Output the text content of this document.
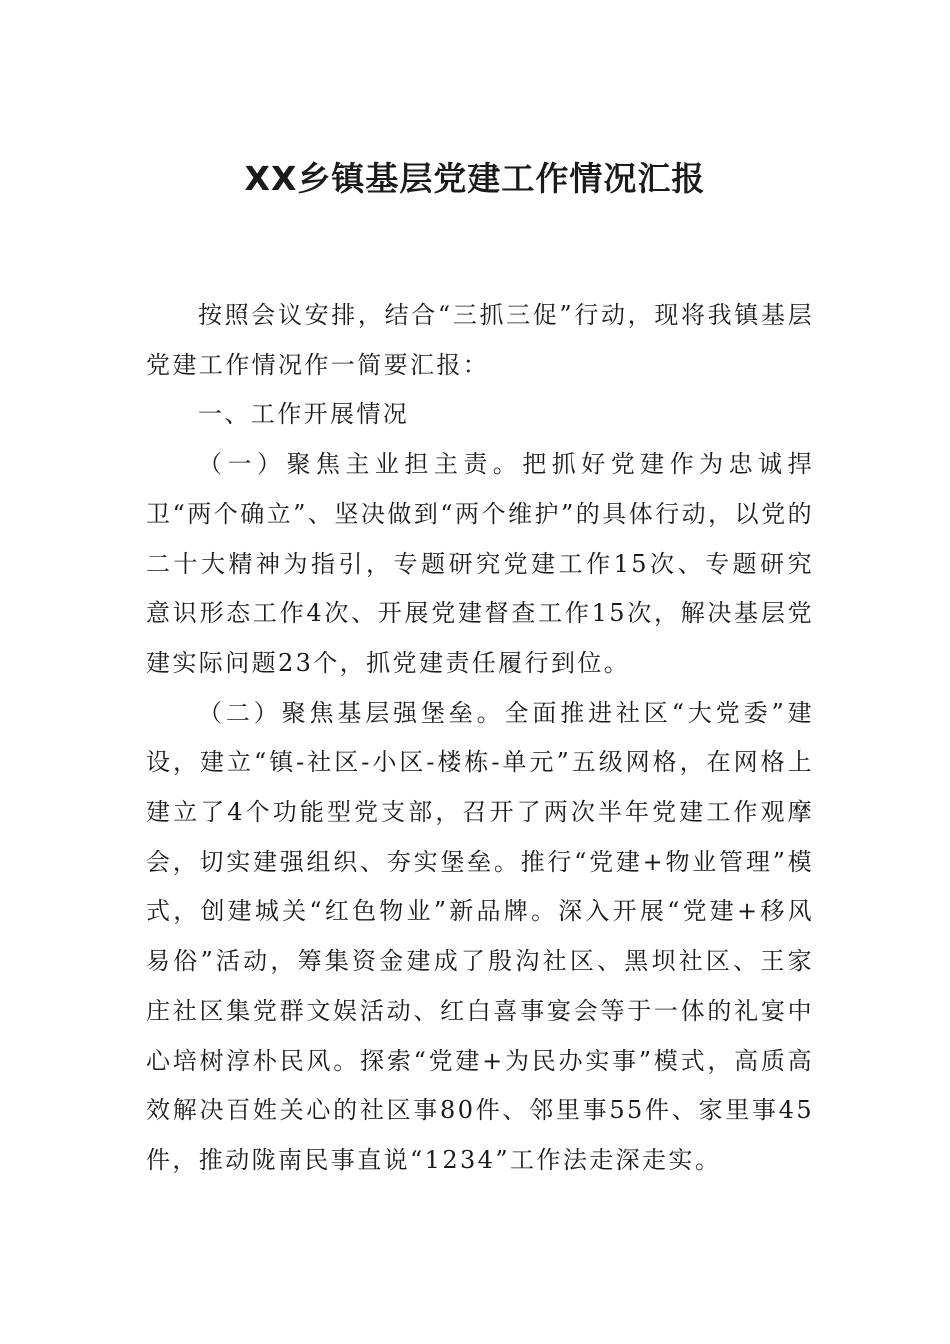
XX乡镇基层党建工作情况汇报

按照会议安排，结合“三抓三促”行动，现将我镇基层党建工作情况作一简要汇报：

一、工作开展情况

（一）聚焦主业担主责。把抓好党建作为忠诚捍卫“两个确立”、坚决做到“两个维护”的具体行动，以党的二十大精神为指引，专题研究党建工作15次、专题研究意识形态工作4次、开展党建督查工作15次，解决基层党建实际问题23个，抓党建责任履行到位。

（二）聚焦基层强堡垒。全面推进社区“大党委”建设，建立“镇-社区-小区-楼栋-单元”五级网格，在网格上建立了4个功能型党支部，召开了两次半年党建工作观摩会，切实建强组织、夯实堡垒。推行“党建+物业管理”模式，创建城关“红色物业”新品牌。深入开展“党建+移风易俗”活动，筹集资金建成了殷沟社区、黑坝社区、王家庄社区集党群文娱活动、红白喜事宴会等于一体的礼宴中心培树淳朴民风。探索“党建+为民办实事”模式，高质高效解决百姓关心的社区事80件、邻里事55件、家里事45件，推动陇南民事直说“1234”工作法走深走实。
